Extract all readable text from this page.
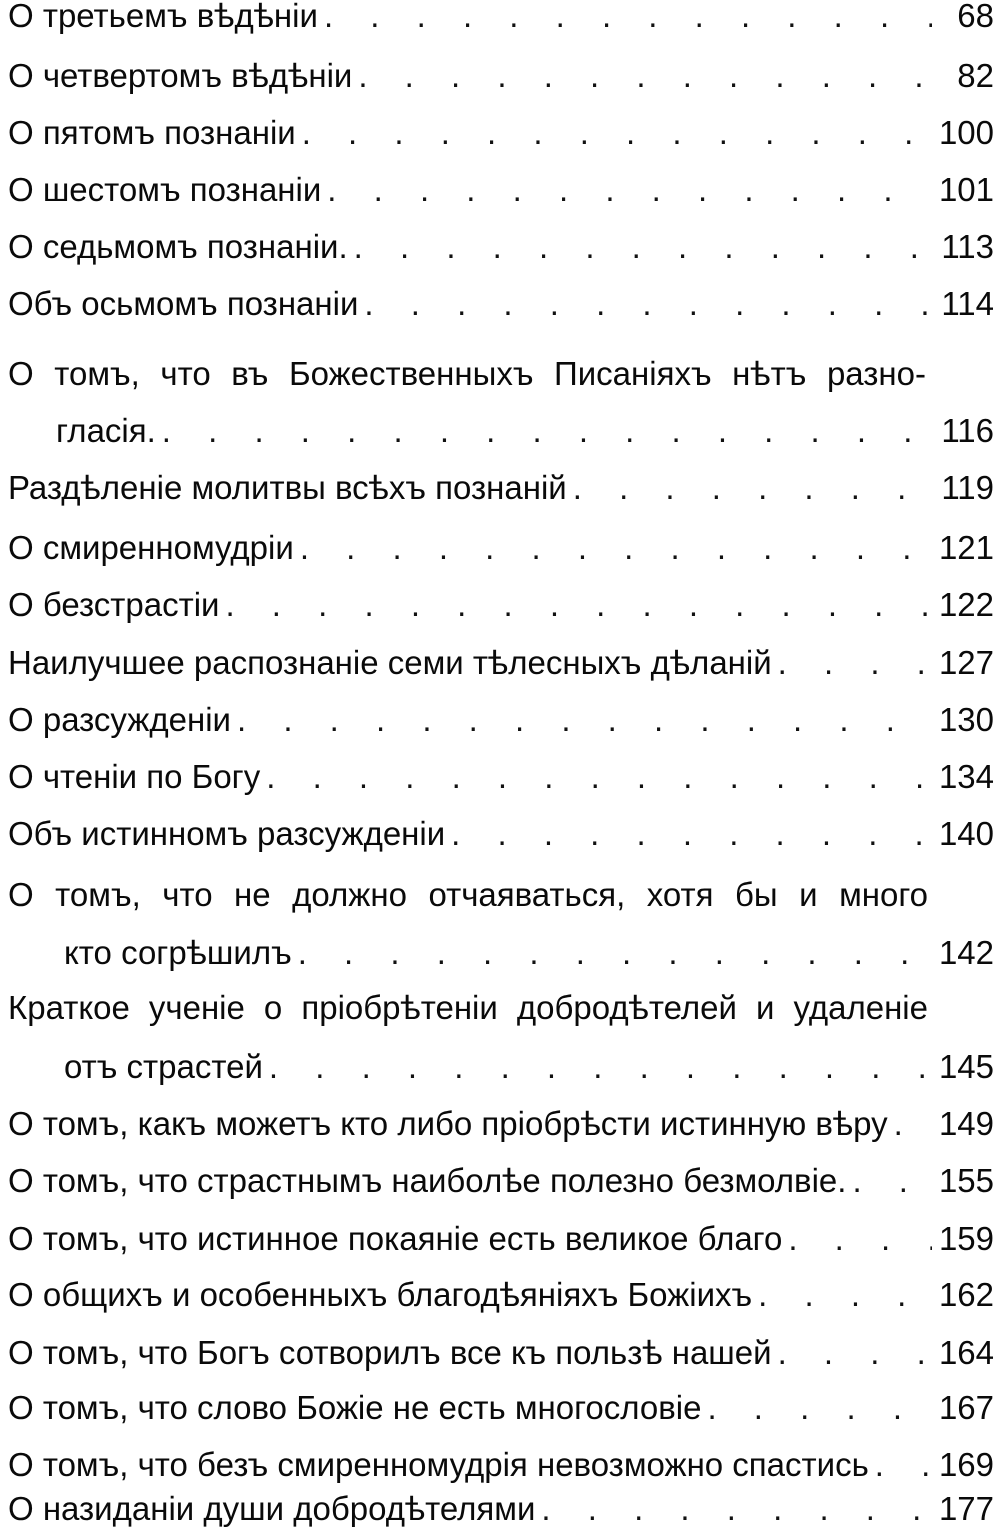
О третьемъ вѣдѣніи . . .	68
О четвертомъ вѣдѣніи . . .	82
О пятомъ познаніи . . .	100
О шестомъ познаніи . . .	101
О седьмомъ познаніи. . . .	113
Объ осьмомъ познаніи . . .	114
О томъ, что въ Божественныхъ Писаніяхъ нѣтъ разно-
гласія. . . .	116
Раздѣленіе молитвы всѣхъ познаній . . .	119
О смиренномудріи . . .	121
О безстрастіи . . .	122
Наилучшее распознаніе семи тѣлесныхъ дѣланій . . .	127
О разсужденіи . . .	130
О чтеніи по Богу . . .	134
Объ истинномъ разсужденіи . . .	140
О томъ, что не должно отчаяваться, хотя бы и много
кто согрѣшилъ . . .	142
Краткое ученіе о пріобрѣтеніи добродѣтелей и удаленіе
отъ страстей . . .	145
О томъ, какъ можетъ кто либо пріобрѣсти истинную вѣру . . . 149
О томъ, что страстнымъ наиболѣе полезно безмолвіе. . . .	155
О томъ, что истинное покаяніе есть великое благо . . .	159
О общихъ и особенныхъ благодѣяніяхъ Божіихъ . . .	162
О томъ, что Богъ сотворилъ все къ пользѣ нашей . . .	164
О томъ, что слово Божіе не есть многословіе . . .	167
О томъ, что безъ смиренномудрія невозможно спастись . . . 169
О назиданіи души добродѣтелями . . .	177
